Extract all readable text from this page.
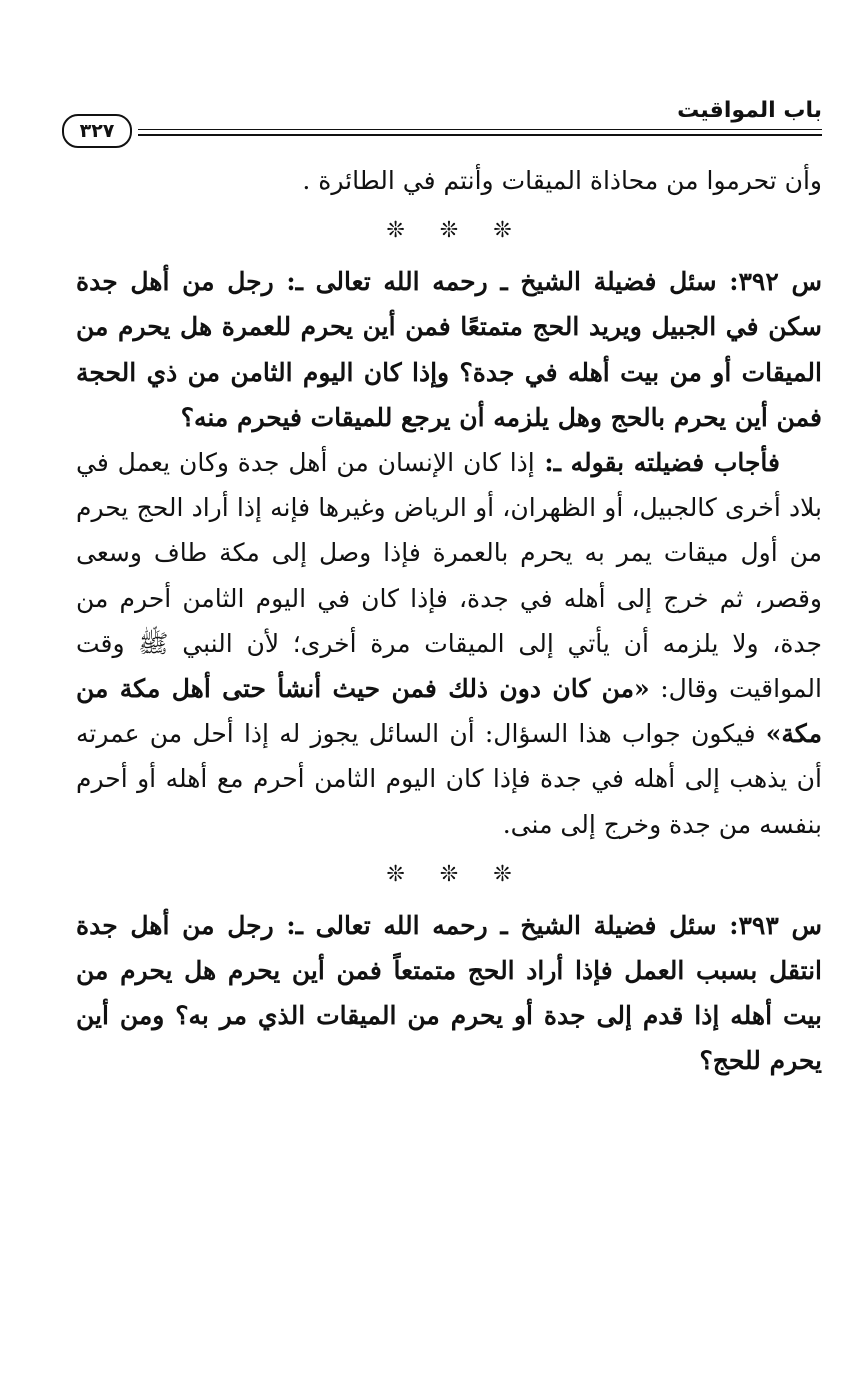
باب المواقيت
٣٢٧

وأن تحرموا من محاذاة الميقات وأنتم في الطائرة .

❊ ❊ ❊

س ٣٩٢: سئل فضيلة الشيخ ـ رحمه الله تعالى ـ: رجل من أهل جدة سكن في الجبيل ويريد الحج متمتعًا فمن أين يحرم للعمرة هل يحرم من الميقات أو من بيت أهله في جدة؟ وإذا كان اليوم الثامن من ذي الحجة فمن أين يحرم بالحج وهل يلزمه أن يرجع للميقات فيحرم منه؟

فأجاب فضيلته بقوله ـ: إذا كان الإنسان من أهل جدة وكان يعمل في بلاد أخرى كالجبيل، أو الظهران، أو الرياض وغيرها فإنه إذا أراد الحج يحرم من أول ميقات يمر به يحرم بالعمرة فإذا وصل إلى مكة طاف وسعى وقصر، ثم خرج إلى أهله في جدة، فإذا كان في اليوم الثامن أحرم من جدة، ولا يلزمه أن يأتي إلى الميقات مرة أخرى؛ لأن النبي ﷺ وقت المواقيت وقال: «من كان دون ذلك فمن حيث أنشأ حتى أهل مكة من مكة» فيكون جواب هذا السؤال: أن السائل يجوز له إذا أحل من عمرته أن يذهب إلى أهله في جدة فإذا كان اليوم الثامن أحرم مع أهله أو أحرم بنفسه من جدة وخرج إلى منى.

❊ ❊ ❊

س ٣٩٣: سئل فضيلة الشيخ ـ رحمه الله تعالى ـ: رجل من أهل جدة انتقل بسبب العمل فإذا أراد الحج متمتعاً فمن أين يحرم هل يحرم من بيت أهله إذا قدم إلى جدة أو يحرم من الميقات الذي مر به؟ ومن أين يحرم للحج؟
